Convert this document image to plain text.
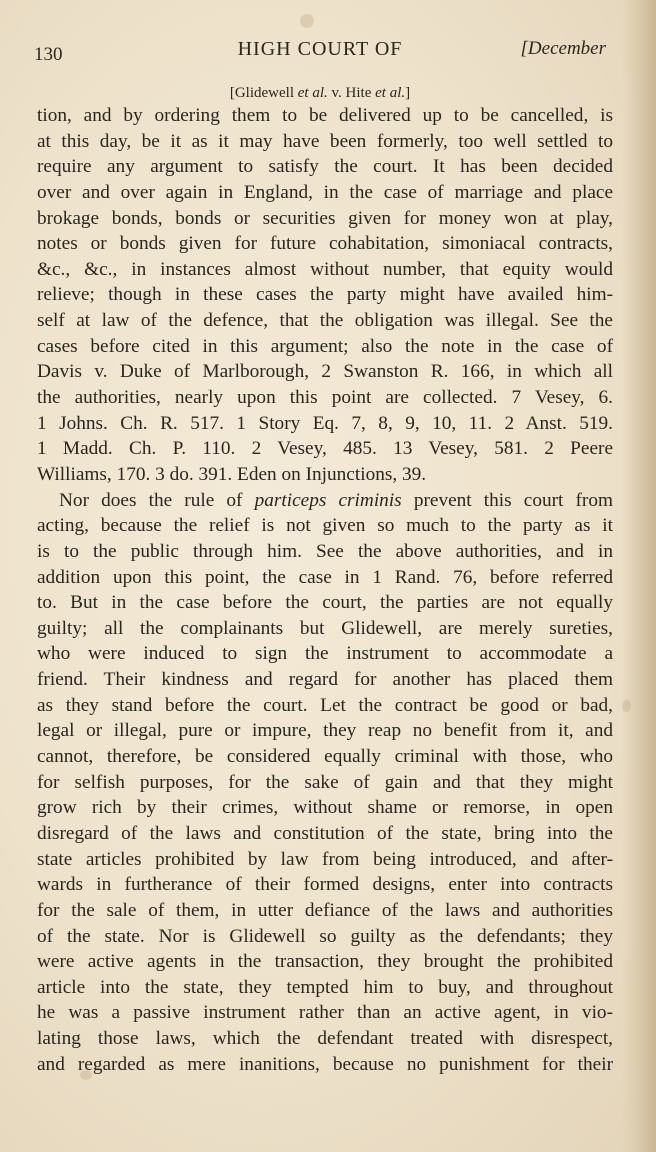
130	HIGH COURT OF	[December
[Glidewell et al. v. Hite et al.]
tion, and by ordering them to be delivered up to be cancelled, is
at this day, be it as it may have been formerly, too well settled to
require any argument to satisfy the court. It has been decided
over and over again in England, in the case of marriage and place
brokage bonds, bonds or securities given for money won at play,
notes or bonds given for future cohabitation, simoniacal contracts,
&c., &c., in instances almost without number, that equity would
relieve; though in these cases the party might have availed him-
self at law of the defence, that the obligation was illegal. See the
cases before cited in this argument; also the note in the case of
Davis v. Duke of Marlborough, 2 Swanston R. 166, in which all
the authorities, nearly upon this point are collected. 7 Vesey, 6.
1 Johns. Ch. R. 517. 1 Story Eq. 7, 8, 9, 10, 11. 2 Anst. 519.
1 Madd. Ch. P. 110. 2 Vesey, 485. 13 Vesey, 581. 2 Peere
Williams, 170. 3 do. 391. Eden on Injunctions, 39.
Nor does the rule of particeps criminis prevent this court from
acting, because the relief is not given so much to the party as it
is to the public through him. See the above authorities, and in
addition upon this point, the case in 1 Rand. 76, before referred
to. But in the case before the court, the parties are not equally
guilty; all the complainants but Glidewell, are merely sureties,
who were induced to sign the instrument to accommodate a
friend. Their kindness and regard for another has placed them
as they stand before the court. Let the contract be good or bad,
legal or illegal, pure or impure, they reap no benefit from it, and
cannot, therefore, be considered equally criminal with those, who
for selfish purposes, for the sake of gain and that they might
grow rich by their crimes, without shame or remorse, in open
disregard of the laws and constitution of the state, bring into the
state articles prohibited by law from being introduced, and after-
wards in furtherance of their formed designs, enter into contracts
for the sale of them, in utter defiance of the laws and authorities
of the state. Nor is Glidewell so guilty as the defendants; they
were active agents in the transaction, they brought the prohibited
article into the state, they tempted him to buy, and throughout
he was a passive instrument rather than an active agent, in vio-
lating those laws, which the defendant treated with disrespect,
and regarded as mere inanitions, because no punishment for their
